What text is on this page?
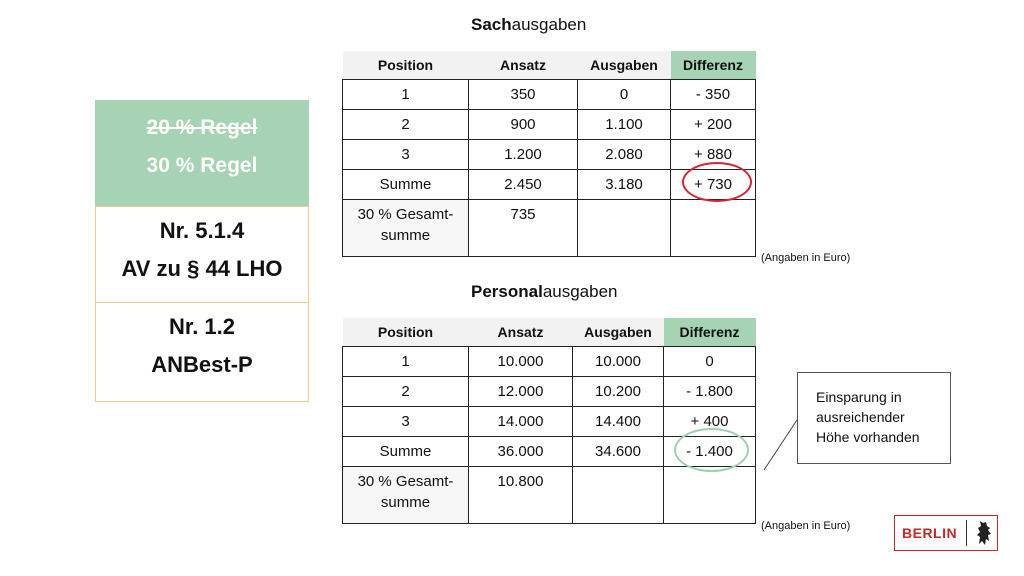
20 % Regel
30 % Regel
Nr. 5.1.4
AV zu § 44 LHO
Nr. 1.2
ANBest-P
Sachausgaben
Position	Ansatz	Ausgaben	Differenz
1	350	0	- 350
2	900	1.100	+ 200
3	1.200	2.080	+ 880
Summe	2.450	3.180	+ 730
30 % Gesamt-
summe	735		
(Angaben in Euro)
Personalausgaben
Position	Ansatz	Ausgaben	Differenz
1	10.000	10.000	0
2	12.000	10.200	- 1.800
3	14.000	14.400	+ 400
Summe	36.000	34.600	- 1.400
30 % Gesamt-
summe	10.800		
(Angaben in Euro)
Einsparung in
ausreichender
Höhe vorhanden
BERLIN
